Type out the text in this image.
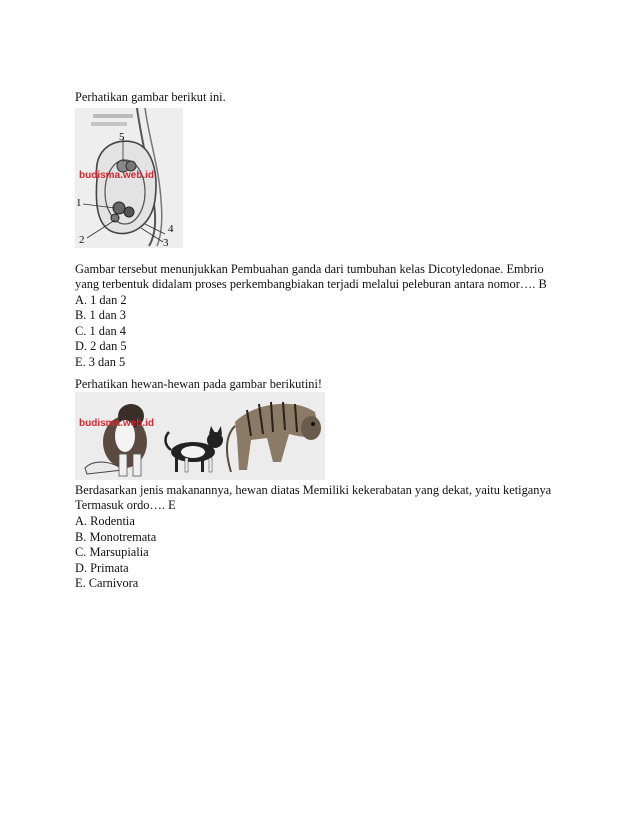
Perhatikan gambar berikut ini.
budisma.web.id
1
2	3
4
5
Gambar tersebut menunjukkan Pembuahan ganda dari tumbuhan kelas Dicotyledonae. Embrio
yang terbentuk didalam proses perkembangbiakan terjadi melalui peleburan antara nomor…. B
A. 1 dan 2
B. 1 dan 3
C. 1 dan 4
D. 2 dan 5
E. 3 dan 5
Perhatikan hewan-hewan pada gambar berikutini!
budisma.web.id
Berdasarkan jenis makanannya, hewan diatas Memiliki kekerabatan yang dekat, yaitu ketiganya
Termasuk ordo…. E
A. Rodentia
B. Monotremata
C. Marsupialia
D. Primata
E. Carnivora
